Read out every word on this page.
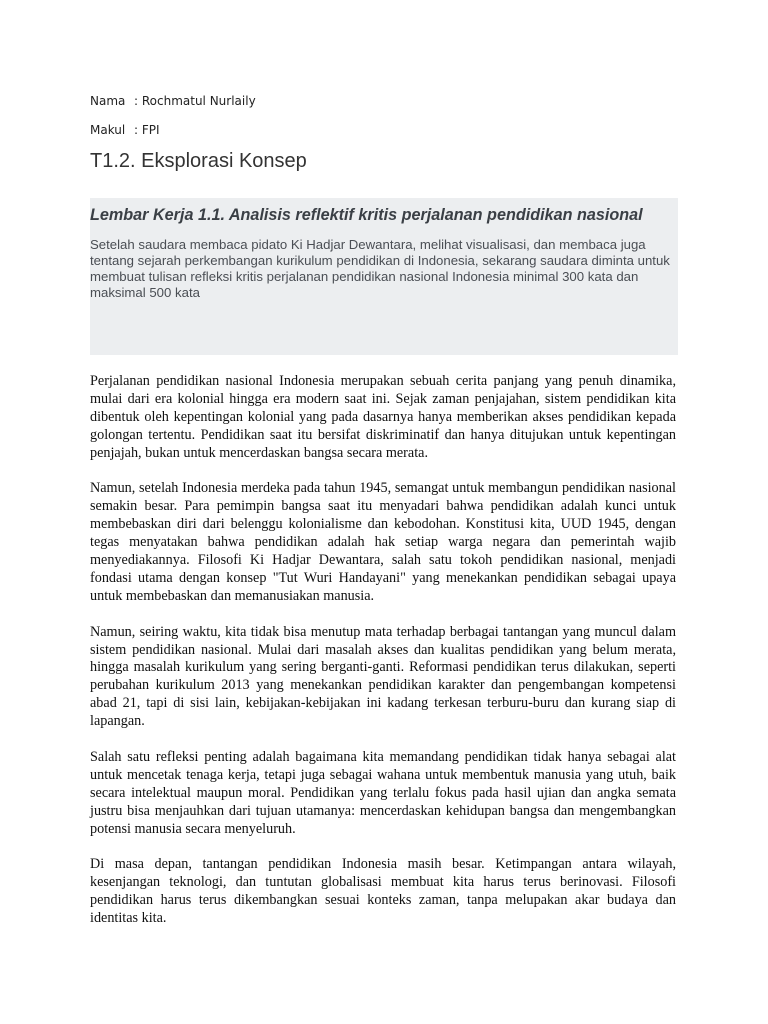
Nama : Rochmatul Nurlaily
Makul : FPI
T1.2. Eksplorasi Konsep
Lembar Kerja 1.1. Analisis reflektif kritis perjalanan pendidikan nasional

Setelah saudara membaca pidato Ki Hadjar Dewantara, melihat visualisasi, dan membaca juga tentang sejarah perkembangan kurikulum pendidikan di Indonesia, sekarang saudara diminta untuk membuat tulisan refleksi kritis perjalanan pendidikan nasional Indonesia minimal 300 kata dan maksimal 500 kata

Perjalanan pendidikan nasional Indonesia merupakan sebuah cerita panjang yang penuh dinamika, mulai dari era kolonial hingga era modern saat ini. Sejak zaman penjajahan, sistem pendidikan kita dibentuk oleh kepentingan kolonial yang pada dasarnya hanya memberikan akses pendidikan kepada golongan tertentu. Pendidikan saat itu bersifat diskriminatif dan hanya ditujukan untuk kepentingan penjajah, bukan untuk mencerdaskan bangsa secara merata.

Namun, setelah Indonesia merdeka pada tahun 1945, semangat untuk membangun pendidikan nasional semakin besar. Para pemimpin bangsa saat itu menyadari bahwa pendidikan adalah kunci untuk membebaskan diri dari belenggu kolonialisme dan kebodohan. Konstitusi kita, UUD 1945, dengan tegas menyatakan bahwa pendidikan adalah hak setiap warga negara dan pemerintah wajib menyediakannya. Filosofi Ki Hadjar Dewantara, salah satu tokoh pendidikan nasional, menjadi fondasi utama dengan konsep "Tut Wuri Handayani" yang menekankan pendidikan sebagai upaya untuk membebaskan dan memanusiakan manusia.

Namun, seiring waktu, kita tidak bisa menutup mata terhadap berbagai tantangan yang muncul dalam sistem pendidikan nasional. Mulai dari masalah akses dan kualitas pendidikan yang belum merata, hingga masalah kurikulum yang sering berganti-ganti. Reformasi pendidikan terus dilakukan, seperti perubahan kurikulum 2013 yang menekankan pendidikan karakter dan pengembangan kompetensi abad 21, tapi di sisi lain, kebijakan-kebijakan ini kadang terkesan terburu-buru dan kurang siap di lapangan.

Salah satu refleksi penting adalah bagaimana kita memandang pendidikan tidak hanya sebagai alat untuk mencetak tenaga kerja, tetapi juga sebagai wahana untuk membentuk manusia yang utuh, baik secara intelektual maupun moral. Pendidikan yang terlalu fokus pada hasil ujian dan angka semata justru bisa menjauhkan dari tujuan utamanya: mencerdaskan kehidupan bangsa dan mengembangkan potensi manusia secara menyeluruh.

Di masa depan, tantangan pendidikan Indonesia masih besar. Ketimpangan antara wilayah, kesenjangan teknologi, dan tuntutan globalisasi membuat kita harus terus berinovasi. Filosofi pendidikan harus terus dikembangkan sesuai konteks zaman, tanpa melupakan akar budaya dan identitas kita.
